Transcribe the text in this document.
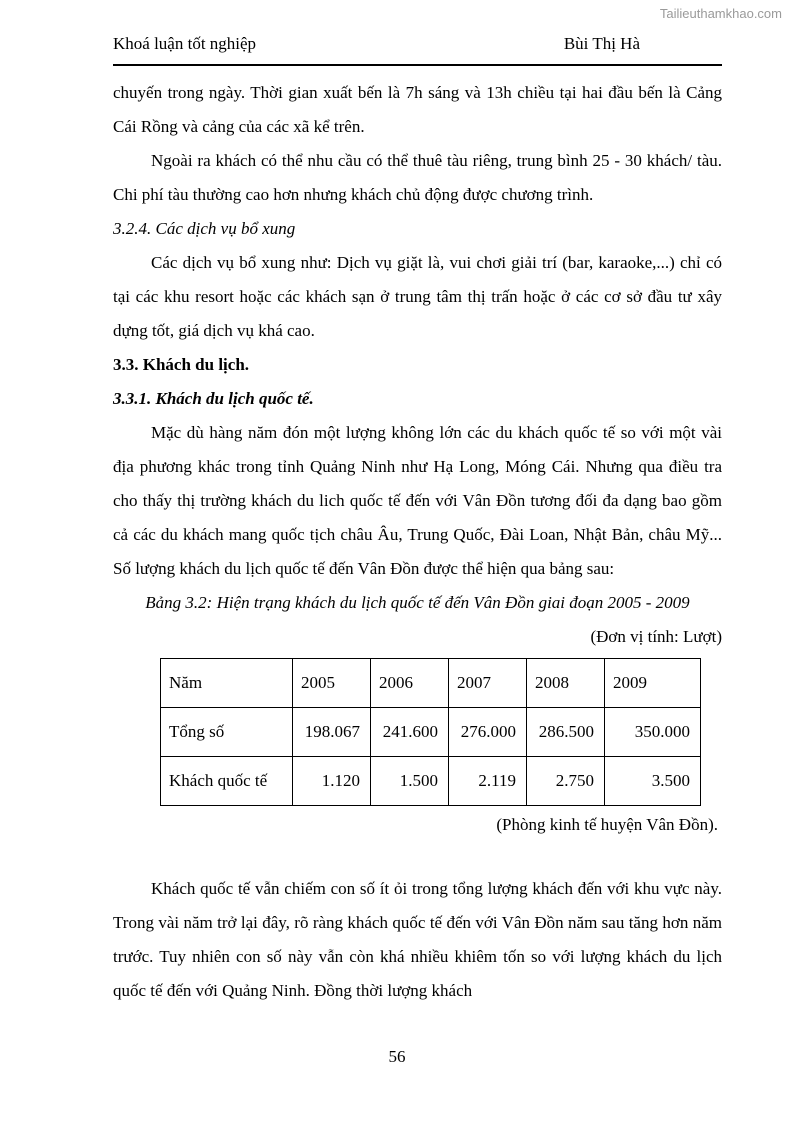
Tailieuthamkhao.com
Khoá luận tốt nghiệp	Bùi Thị Hà

chuyến trong ngày. Thời gian xuất bến là 7h sáng và 13h chiều tại hai đầu bến là Cảng Cái Rồng và cảng của các xã kể trên.

Ngoài ra khách có thể nhu cầu có thể thuê tàu riêng, trung bình 25 - 30 khách/ tàu. Chi phí tàu thường cao hơn nhưng khách chủ động được chương trình.

3.2.4. Các dịch vụ bổ xung

Các dịch vụ bổ xung như: Dịch vụ giặt là, vui chơi giải trí (bar, karaoke,...) chỉ có tại các khu resort hoặc các khách sạn ở trung tâm thị trấn hoặc ở các cơ sở đầu tư xây dựng tốt, giá dịch vụ khá cao.

3.3. Khách du lịch.

3.3.1. Khách du lịch quốc tế.

Mặc dù hàng năm đón một lượng không lớn các du khách quốc tế so với một vài địa phương khác trong tỉnh Quảng Ninh như Hạ Long, Móng Cái. Nhưng qua điều tra cho thấy thị trường khách du lich quốc tế đến với Vân Đồn tương đối đa dạng bao gồm cả các du khách mang quốc tịch châu Âu, Trung Quốc, Đài Loan, Nhật Bản, châu Mỹ... Số lượng khách du lịch quốc tế đến Vân Đồn được thể hiện qua bảng sau:

Bảng 3.2: Hiện trạng khách du lịch quốc tế đến Vân Đồn giai đoạn 2005 - 2009

(Đơn vị tính: Lượt)

Năm	2005	2006	2007	2008	2009
Tổng số	198.067	241.600	276.000	286.500	350.000
Khách quốc tế	1.120	1.500	2.119	2.750	3.500

(Phòng kinh tế huyện Vân Đồn).

Khách quốc tế vẫn chiếm con số ít ỏi trong tổng lượng khách đến với khu vực này. Trong vài năm trở lại đây, rõ ràng khách quốc tế đến với Vân Đồn năm sau tăng hơn năm trước. Tuy nhiên con số này vẫn còn khá nhiều khiêm tốn so với lượng khách du lịch quốc tế đến với Quảng Ninh. Đồng thời lượng khách

56
